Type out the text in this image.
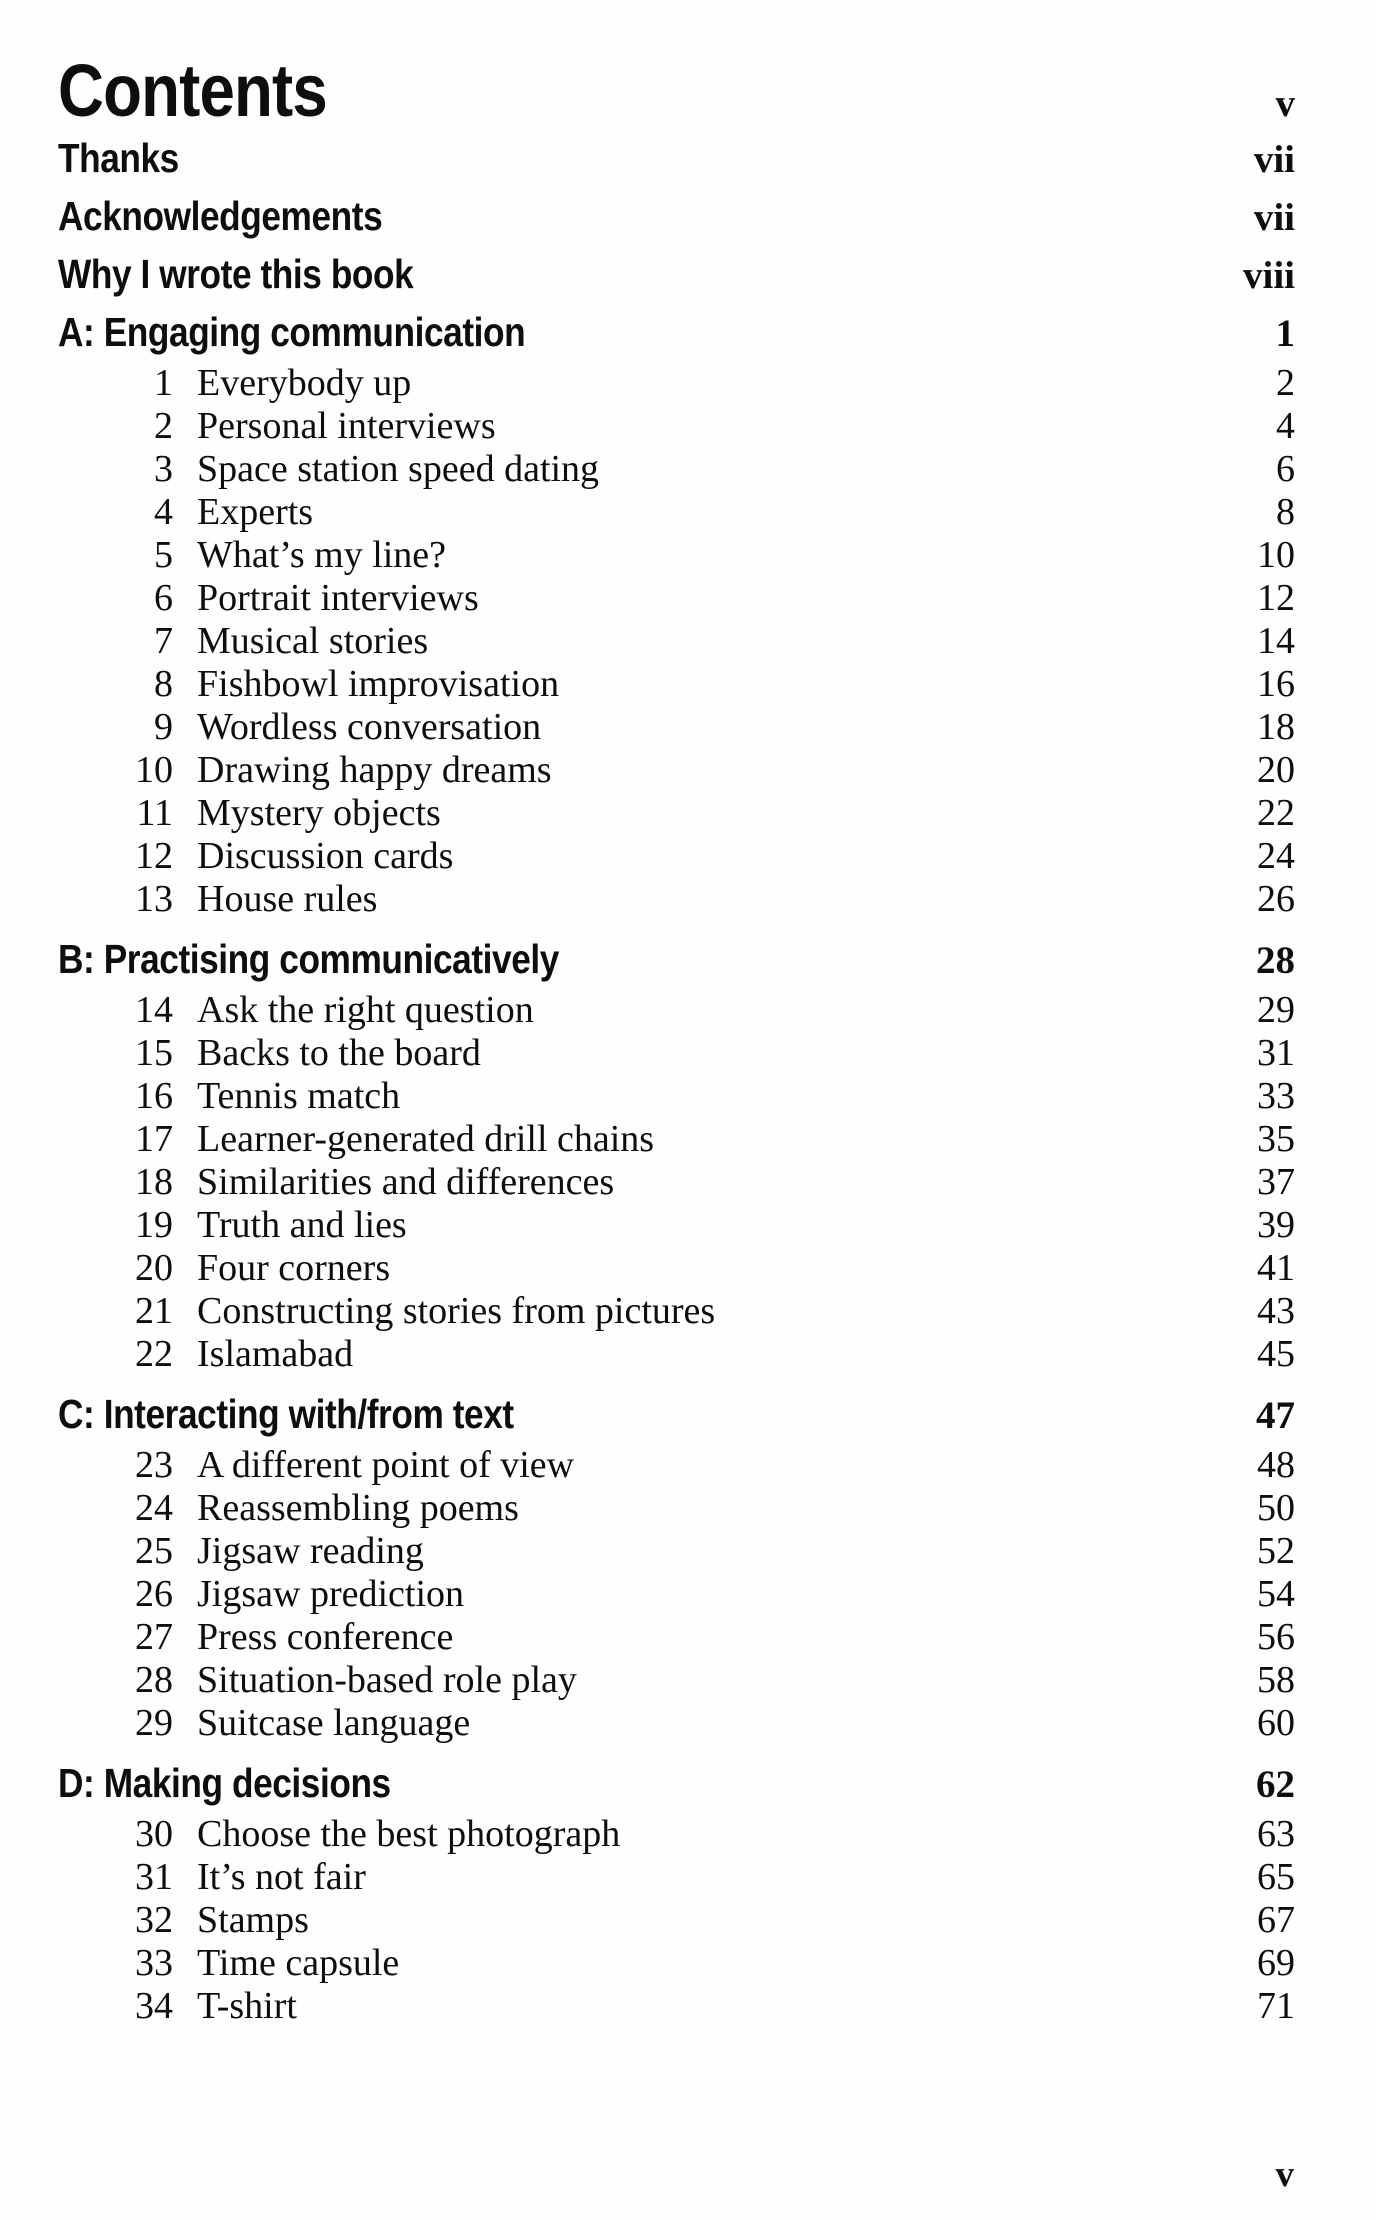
Contents	v
Thanks	vii
Acknowledgements	vii
Why I wrote this book	viii
A: Engaging communication	1
1 Everybody up	2
2 Personal interviews	4
3 Space station speed dating	6
4 Experts	8
5 What’s my line?	10
6 Portrait interviews	12
7 Musical stories	14
8 Fishbowl improvisation	16
9 Wordless conversation	18
10 Drawing happy dreams	20
11 Mystery objects	22
12 Discussion cards	24
13 House rules	26
B: Practising communicatively	28
14 Ask the right question	29
15 Backs to the board	31
16 Tennis match	33
17 Learner-generated drill chains	35
18 Similarities and differences	37
19 Truth and lies	39
20 Four corners	41
21 Constructing stories from pictures	43
22 Islamabad	45
C: Interacting with/from text	47
23 A different point of view	48
24 Reassembling poems	50
25 Jigsaw reading	52
26 Jigsaw prediction	54
27 Press conference	56
28 Situation-based role play	58
29 Suitcase language	60
D: Making decisions	62
30 Choose the best photograph	63
31 It’s not fair	65
32 Stamps	67
33 Time capsule	69
34 T-shirt	71
v
